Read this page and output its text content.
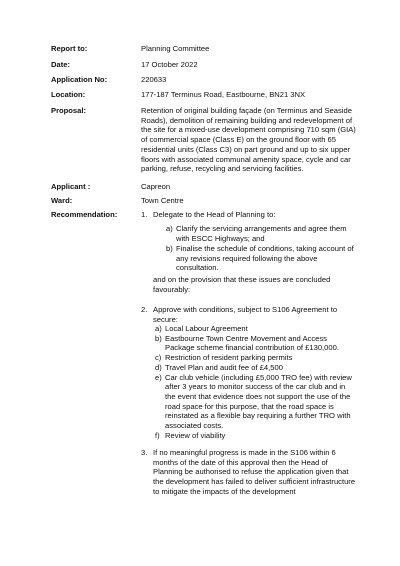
Report to:	Planning Committee
Date:	17 October 2022
Application No:	220633
Location:	177-187 Terminus Road, Eastbourne, BN21 3NX
Proposal:	Retention of original building façade (on Terminus and Seaside
Roads), demolition of remaining building and redevelopment of
the site for a mixed-use development comprising 710 sqm (GIA)
of commercial space (Class E) on the ground floor with 65
residential units (Class C3) on part ground and up to six upper
floors with associated communal amenity space, cycle and car
parking, refuse, recycling and servicing facilities.
Applicant :	Capreon
Ward:	Town Centre
Recommendation:	1. Delegate to the Head of Planning to:
a) Clarify the servicing arrangements and agree them
with ESCC Highways; and
b) Finalise the schedule of conditions, taking account of
any revisions required following the above
consultation.
and on the provision that these issues are concluded
favourably:
2. Approve with conditions, subject to S106 Agreement to
secure:
a) Local Labour Agreement
b) Eastbourne Town Centre Movement and Access
Package scheme financial contribution of £130,000.
c) Restriction of resident parking permits
d) Travel Plan and audit fee of £4,500
e) Car club vehicle (including £5,000 TRO fee) with review
after 3 years to monitor success of the car club and in
the event that evidence does not support the use of the
road space for this purpose, that the road space is
reinstated as a flexible bay requiring a further TRO with
associated costs.
f) Review of viability
3. If no meaningful progress is made in the S106 within 6
months of the date of this approval then the Head of
Planning be authorised to refuse the application given that
the development has failed to deliver sufficient infrastructure
to mitigate the impacts of the development
